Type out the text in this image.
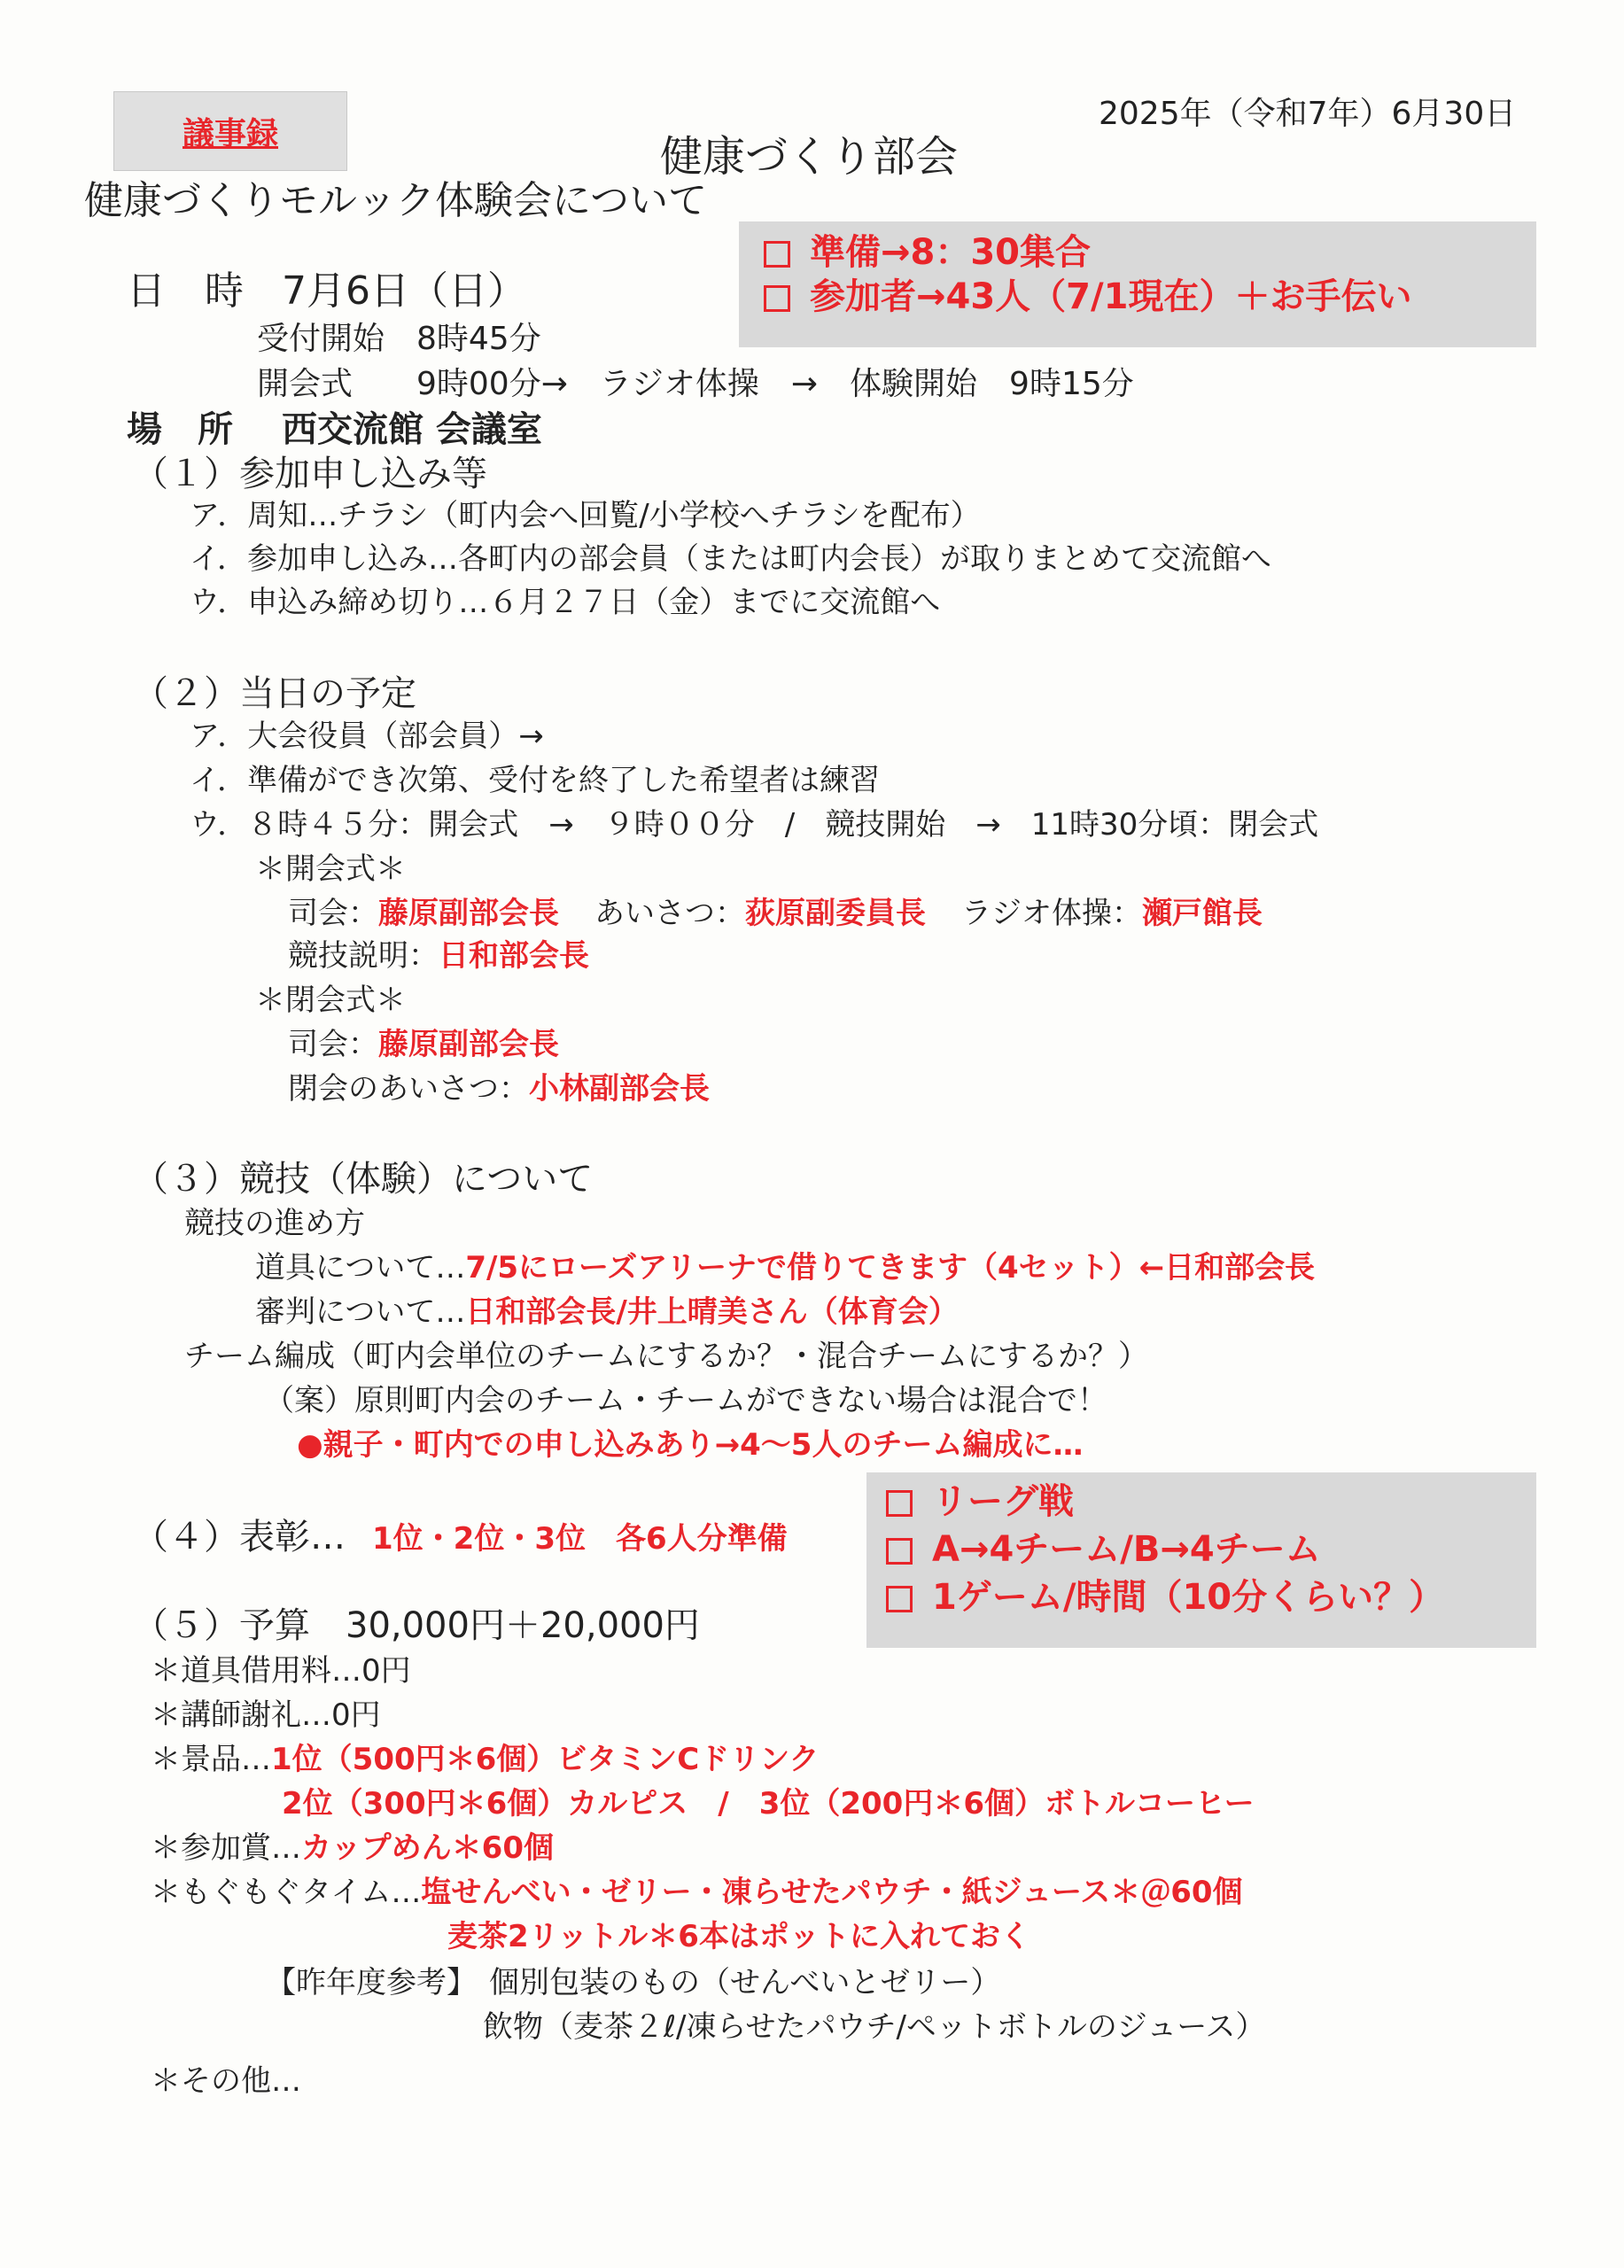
議事録
2025年（令和7年）6月30日
健康づくり部会
健康づくりモルック体験会について
準備→8：30集合
参加者→43人（7/1現在）＋お手伝い
日　時 7月6日（日）
受付開始　8時45分
開会式　　9時00分→　ラジオ体操　→　体験開始　9時15分
場　所 西交流館 会議室
（１）参加申し込み等
ア．周知…チラシ（町内会へ回覧/小学校へチラシを配布）
イ．参加申し込み…各町内の部会員（または町内会長）が取りまとめて交流館へ
ウ．申込み締め切り…６月２７日（金）までに交流館へ
（２）当日の予定
ア．大会役員（部会員）→
イ．準備ができ次第、受付を終了した希望者は練習
ウ．８時４５分：開会式　→　９時００分　/　競技開始　→　11時30分頃：閉会式
＊開会式＊
司会：藤原副部会長 あいさつ：荻原副委員長 ラジオ体操：瀬戸館長
競技説明：日和部会長
＊閉会式＊
司会：藤原副部会長
閉会のあいさつ：小林副部会長
（３）競技（体験）について
競技の進め方
道具について…7/5にローズアリーナで借りてきます（4セット）←日和部会長
審判について…日和部会長/井上晴美さん（体育会）
チーム編成（町内会単位のチームにするか？・混合チームにするか？）
（案）原則町内会のチーム・チームができない場合は混合で！
●親子・町内での申し込みあり→4～5人のチーム編成に…
リーグ戦
A→4チーム/B→4チーム
1ゲーム/時間（10分くらい？）
（４）表彰… 1位・2位・3位　各6人分準備
（５）予算　30,000円＋20,000円
＊道具借用料…0円
＊講師謝礼…0円
＊景品…1位（500円＊6個）ビタミンCドリンク
2位（300円＊6個）カルピス　/　3位（200円＊6個）ボトルコーヒー
＊参加賞…カップめん＊60個
＊もぐもぐタイム…塩せんべい・ゼリー・凍らせたパウチ・紙ジュース＊＠60個
麦茶2リットル＊6本はポットに入れておく
【昨年度参考】 個別包装のもの（せんべいとゼリー）
飲物（麦茶２ℓ/凍らせたパウチ/ペットボトルのジュース）
＊その他…
